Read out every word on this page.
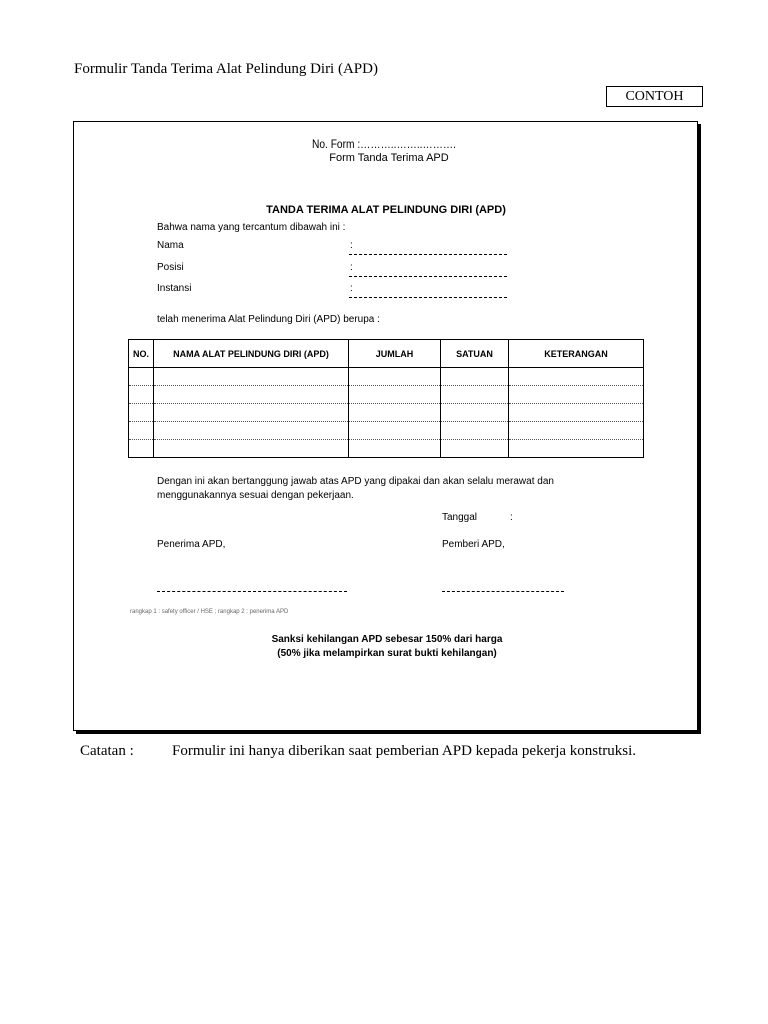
Formulir Tanda Terima Alat Pelindung Diri (APD)
CONTOH
No. Form :………..……..……….
Form Tanda Terima APD
TANDA TERIMA ALAT PELINDUNG DIRI (APD)
Bahwa nama yang tercantum dibawah ini :
Nama	:
Posisi	:
Instansi	:
telah menerima Alat Pelindung Diri (APD) berupa :
NO.	NAMA ALAT PELINDUNG DIRI (APD)	JUMLAH	SATUAN	KETERANGAN

Dengan ini akan bertanggung jawab atas APD yang dipakai dan akan selalu merawat dan menggunakannya sesuai dengan pekerjaan.
Tanggal	:
Penerima APD,	Pemberi APD,
rangkap 1 : safety officer / HSE ; rangkap 2 : penerima APD
Sanksi kehilangan APD sebesar 150% dari harga
(50% jika melampirkan surat bukti kehilangan)
Catatan :	Formulir ini hanya diberikan saat pemberian APD kepada pekerja konstruksi.
